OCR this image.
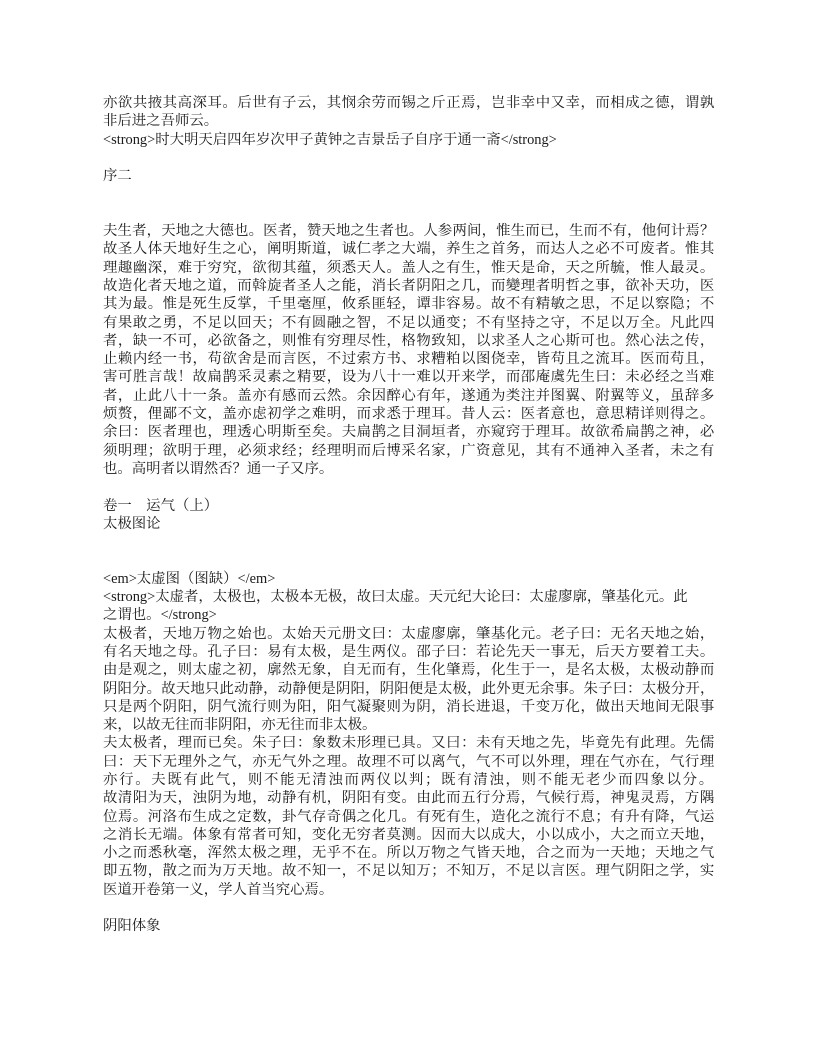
亦欲共掖其高深耳。后世有子云，其悯余劳而锡之斤正焉，岂非幸中又幸，而相成之德，谓孰
非后进之吾师云。
<strong>时大明天启四年岁次甲子黄钟之吉景岳子自序于通一斋</strong>
序二
夫生者，天地之大德也。医者，赞天地之生者也。人参两间，惟生而已，生而不有，他何计焉？
故圣人体天地好生之心，阐明斯道，诚仁孝之大端，养生之首务，而达人之必不可废者。惟其
理趣幽深，难于穷究，欲彻其蕴，须悉天人。盖人之有生，惟天是命，天之所毓，惟人最灵。
故造化者天地之道，而斡旋者圣人之能，消长者阴阳之几，而變理者明哲之事，欲补天功，医
其为最。惟是死生反掌，千里毫厘，攸系匪轻，谭非容易。故不有精敏之思，不足以察隐；不
有果敢之勇，不足以回天；不有圆融之智，不足以通变；不有坚持之守，不足以万全。凡此四
者，缺一不可，必欲备之，则惟有穷理尽性，格物致知，以求圣人之心斯可也。然心法之传，
止赖内经一书，苟欲舍是而言医，不过索方书、求糟粕以图侥幸，皆苟且之流耳。医而苟且，
害可胜言哉！故扁鹊采灵素之精要，设为八十一难以开来学，而邵庵虞先生曰：未必经之当难
者，止此八十一条。盖亦有感而云然。余因醉心有年，遂通为类注并图翼、附翼等义，虽辞多
烦赘，俚鄙不文，盖亦虑初学之难明，而求悉于理耳。昔人云：医者意也，意思精详则得之。
余曰：医者理也，理透心明斯至矣。夫扁鹊之目洞垣者，亦窥窍于理耳。故欲希扁鹊之神，必
须明理；欲明于理，必须求经；经理明而后博采名家，广资意见，其有不通神入圣者，未之有
也。高明者以谓然否？通一子又序。
卷一　运气（上）
太极图论
<em>太虚图（图缺）</em>
<strong>太虚者，太极也，太极本无极，故曰太虚。天元纪大论曰：太虚廖廓，肇基化元。此
之谓也。</strong>
太极者，天地万物之始也。太始天元册文曰：太虚廖廓，肇基化元。老子曰：无名天地之始，
有名天地之母。孔子曰：易有太极，是生两仪。邵子曰：若论先天一事无，后天方要着工夫。
由是观之，则太虚之初，廓然无象，自无而有，生化肇焉，化生于一，是名太极，太极动静而
阴阳分。故天地只此动静，动静便是阴阳，阴阳便是太极，此外更无余事。朱子曰：太极分开，
只是两个阴阳，阴气流行则为阳，阳气凝聚则为阴，消长进退，千变万化，做出天地间无限事
来，以故无往而非阴阳，亦无往而非太极。
夫太极者，理而已矣。朱子曰：象数未形理已具。又曰：未有天地之先，毕竟先有此理。先儒
曰：天下无理外之气，亦无气外之理。故理不可以离气，气不可以外理，理在气亦在，气行理
亦行。夫既有此气，则不能无清浊而两仪以判；既有清浊，则不能无老少而四象以分。
故清阳为天，浊阴为地，动静有机，阴阳有变。由此而五行分焉，气候行焉，神鬼灵焉，方隅
位焉。河洛布生成之定数，卦气存奇偶之化几。有死有生，造化之流行不息；有升有降，气运
之消长无端。体象有常者可知，变化无穷者莫测。因而大以成大，小以成小，大之而立天地，
小之而悉秋毫，浑然太极之理，无乎不在。所以万物之气皆天地，合之而为一天地；天地之气
即五物，散之而为万天地。故不知一，不足以知万；不知万，不足以言医。理气阴阳之学，实
医道开卷第一义，学人首当究心焉。
阴阳体象
